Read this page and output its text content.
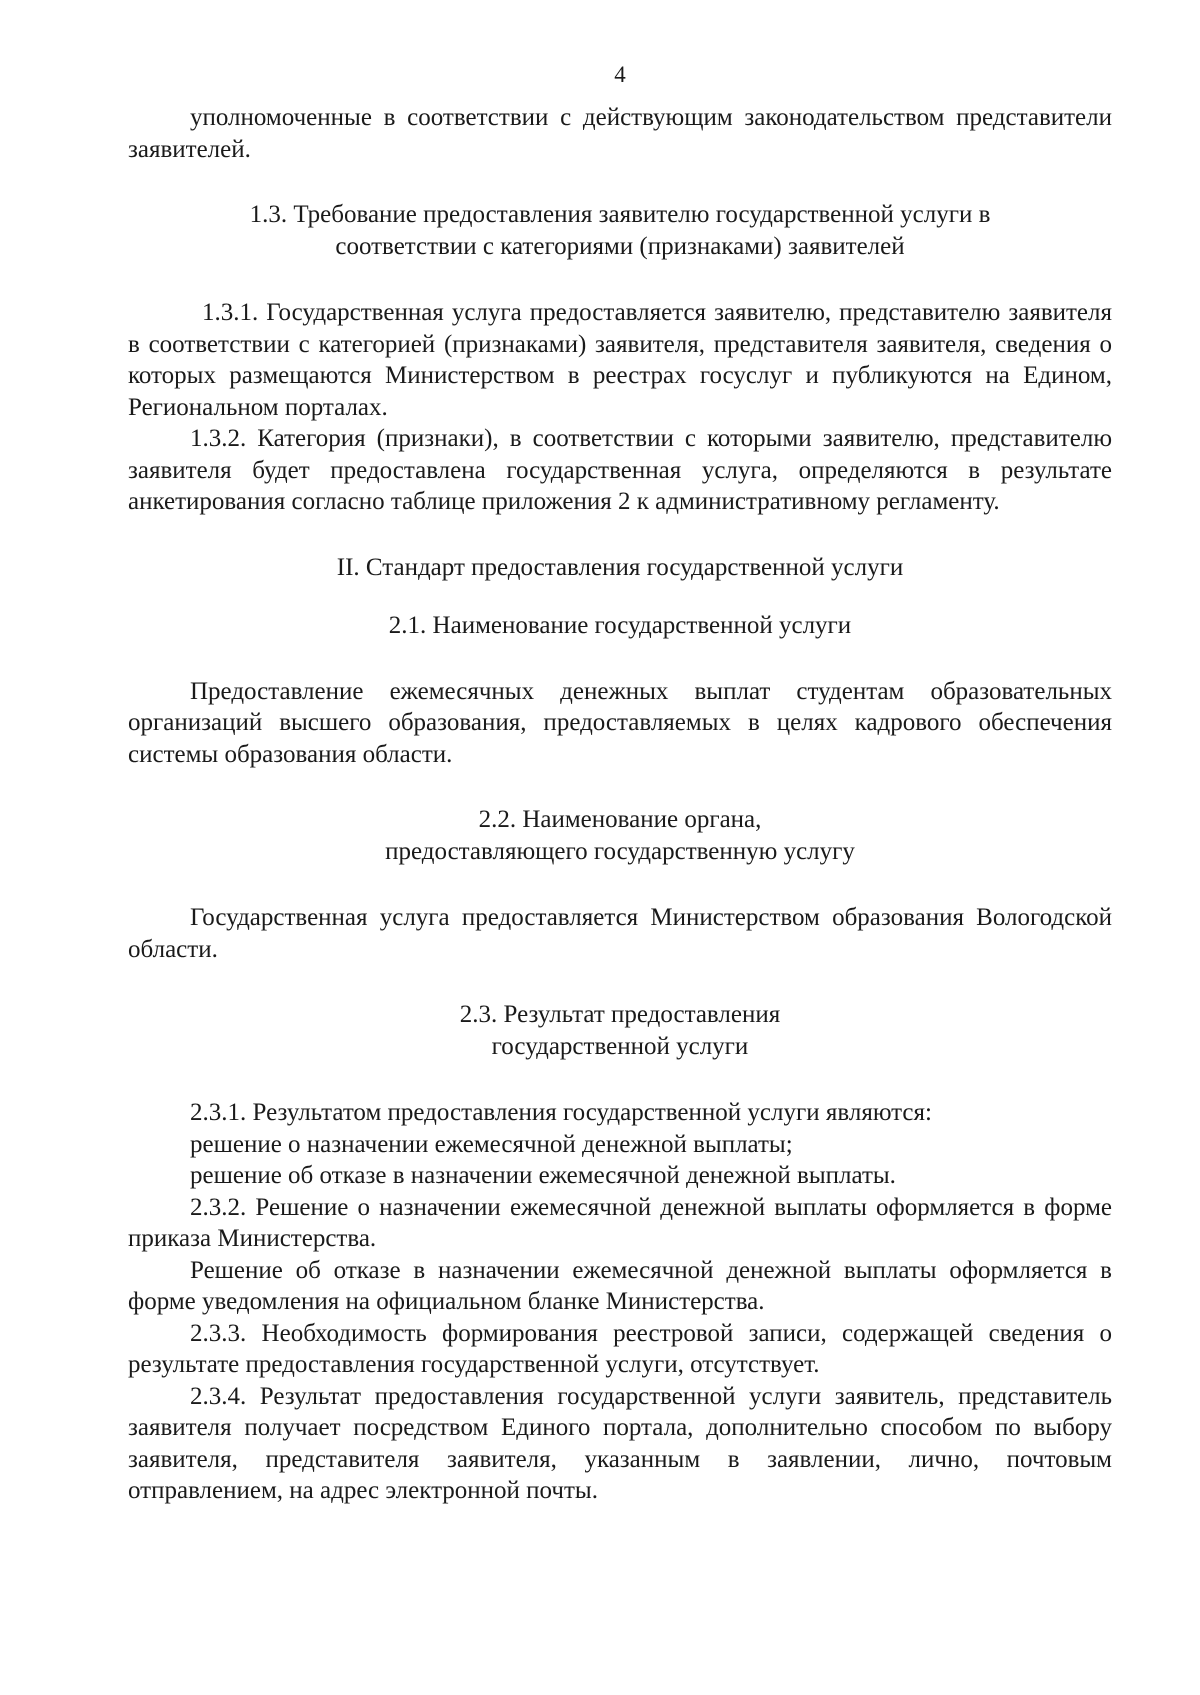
4

уполномоченные в соответствии с действующим законодательством представители заявителей.

1.3. Требование предоставления заявителю государственной услуги в
соответствии с категориями (признаками) заявителей

1.3.1. Государственная услуга предоставляется заявителю, представителю заявителя в соответствии с категорией (признаками) заявителя, представителя заявителя, сведения о которых размещаются Министерством в реестрах госуслуг и публикуются на Едином, Региональном порталах.

1.3.2. Категория (признаки), в соответствии с которыми заявителю, представителю заявителя будет предоставлена государственная услуга, определяются в результате анкетирования согласно таблице приложения 2 к административному регламенту.

II. Стандарт предоставления государственной услуги
2.1. Наименование государственной услуги

Предоставление ежемесячных денежных выплат студентам образовательных организаций высшего образования, предоставляемых в целях кадрового обеспечения системы образования области.

2.2. Наименование органа,
предоставляющего государственную услугу

Государственная услуга предоставляется Министерством образования Вологодской области.

2.3. Результат предоставления
государственной услуги

2.3.1. Результатом предоставления государственной услуги являются:

решение о назначении ежемесячной денежной выплаты;
решение об отказе в назначении ежемесячной денежной выплаты.

2.3.2. Решение о назначении ежемесячной денежной выплаты оформляется в форме приказа Министерства.

Решение об отказе в назначении ежемесячной денежной выплаты оформляется в форме уведомления на официальном бланке Министерства.

2.3.3. Необходимость формирования реестровой записи, содержащей сведения о результате предоставления государственной услуги, отсутствует.

2.3.4. Результат предоставления государственной услуги заявитель, представитель заявителя получает посредством Единого портала, дополнительно способом по выбору заявителя, представителя заявителя, указанным в заявлении, лично, почтовым отправлением, на адрес электронной почты.
